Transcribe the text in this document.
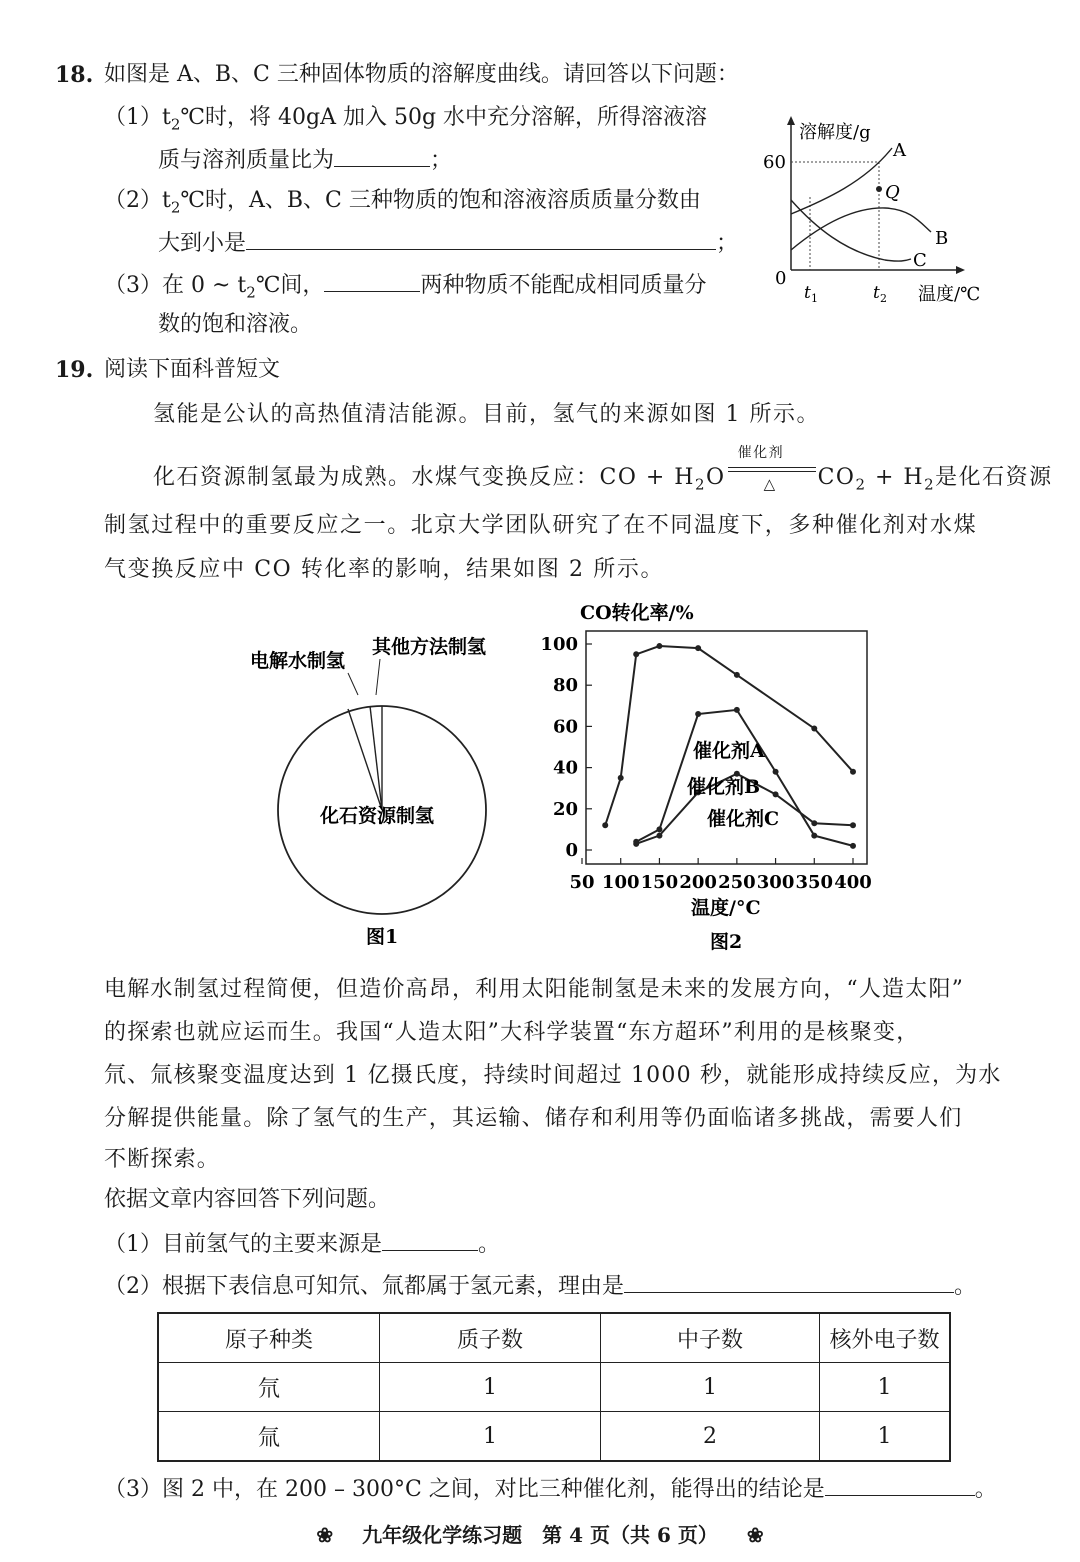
18. 如图是 A、B、C 三种固体物质的溶解度曲线。请回答以下问题：
$(1)t_2℃$时，将 40gA 加入 50g 水中充分溶解，所得溶液溶
质与溶剂质量比为	；
$(2)t_2℃$时，A、B、C 三种物质的饱和溶液溶质质量分数由
大到小是	；
（3）在 0 ~ $t_2℃$间，	两种物质不能配成相同质量分
数的饱和溶液。
溶解度/g
60
0
A
Q
B
C
t 1	t 2 温度/℃
19. 阅读下面科普短文
氢能是公认的高热值清洁能源。目前，氢气的来源如图 1 所示。
化石资源制氢最为成熟。水煤气变换反应：CO + $H_2O$
催化剂
△ $CO_2 + H_2$是化石资源
制氢过程中的重要反应之一。北京大学团队研究了在不同温度下，多种催化剂对水煤
气变换反应中 CO 转化率的影响，结果如图 2 所示。
电解水制氢
其他方法制氢
化石资源制氢
图1
CO转化率/%
0
20
40
60
80
100
50 100 150 200 250 300 350 400
催化剂A
催化剂B
催化剂C
温度/°C
图2
电解水制氢过程简便，但造价高昂，利用太阳能制氢是未来的发展方向，“人造太阳”
的探索也就应运而生。我国“人造太阳”大科学装置“东方超环”利用的是核聚变，
氘、氚核聚变温度达到 1 亿摄氏度，持续时间超过 1000 秒，就能形成持续反应，为水
分解提供能量。除了氢气的生产，其运输、储存和利用等仍面临诸多挑战，需要人们
不断探索。
依据文章内容回答下列问题。
（1）目前氢气的主要来源是	。
（2）根据下表信息可知氘、氚都属于氢元素，理由是	。
原子种类	质子数	中子数	核外电子数
氘	1	1	1
氚	1	2	1
（3）图 2 中，在 200 – 300°C 之间，对比三种催化剂，能得出的结论是	。
❀ 九年级化学练习题　第 4 页（共 6 页） ❀
